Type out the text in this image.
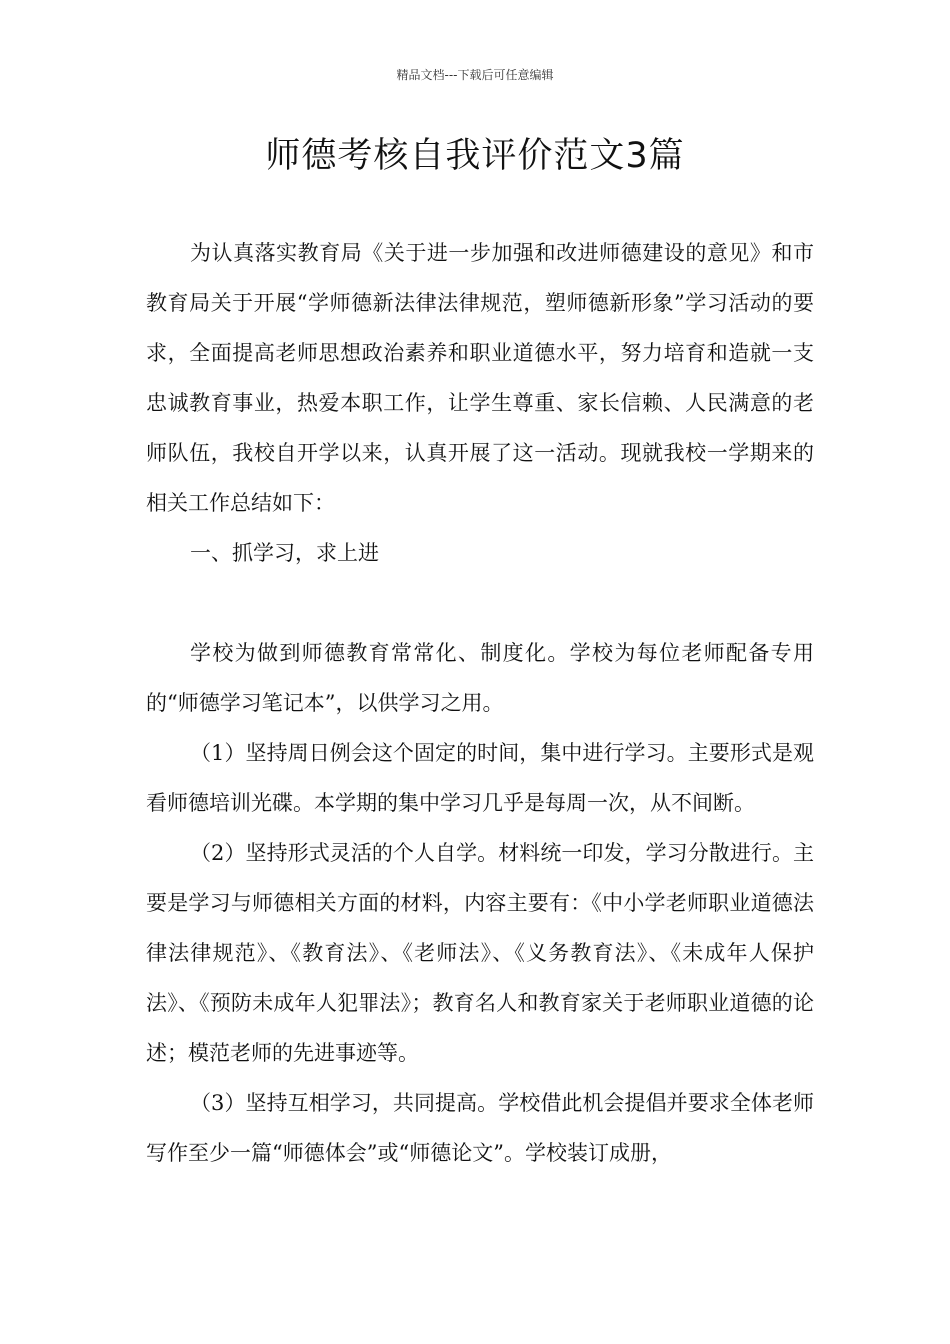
精品文档---下载后可任意编辑
师德考核自我评价范文3篇

为认真落实教育局《关于进一步加强和改进师德建设的意见》和市教育局关于开展“学师德新法律法律规范，塑师德新形象”学习活动的要求，全面提高老师思想政治素养和职业道德水平，努力培育和造就一支忠诚教育事业，热爱本职工作，让学生尊重、家长信赖、人民满意的老师队伍，我校自开学以来，认真开展了这一活动。现就我校一学期来的相关工作总结如下：

一、抓学习，求上进

学校为做到师德教育常常化、制度化。学校为每位老师配备专用的“师德学习笔记本”，以供学习之用。

（1）坚持周日例会这个固定的时间，集中进行学习。主要形式是观看师德培训光碟。本学期的集中学习几乎是每周一次，从不间断。

（2）坚持形式灵活的个人自学。材料统一印发，学习分散进行。主要是学习与师德相关方面的材料，内容主要有：《中小学老师职业道德法律法律规范》、《教育法》、《老师法》、《义务教育法》、《未成年人保护法》、《预防未成年人犯罪法》；教育名人和教育家关于老师职业道德的论述；模范老师的先进事迹等。

（3）坚持互相学习，共同提高。学校借此机会提倡并要求全体老师写作至少一篇“师德体会”或“师德论文”。学校装订成册，
